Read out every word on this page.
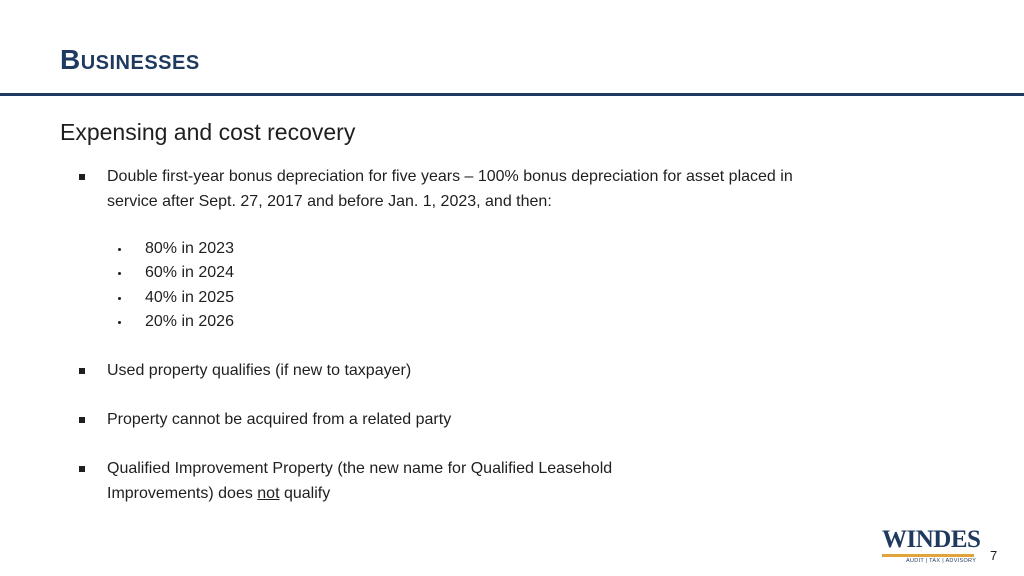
Businesses
Expensing and cost recovery
Double first-year bonus depreciation for five years – 100% bonus depreciation for asset placed in
service after Sept. 27, 2017 and before Jan. 1, 2023, and then:
80% in 2023
60% in 2024
40% in 2025
20% in 2026
Used property qualifies (if new to taxpayer)
Property cannot be acquired from a related party
Qualified Improvement Property (the new name for Qualified Leasehold
Improvements) does not qualify
WINDES
AUDIT | TAX | ADVISORY 7
